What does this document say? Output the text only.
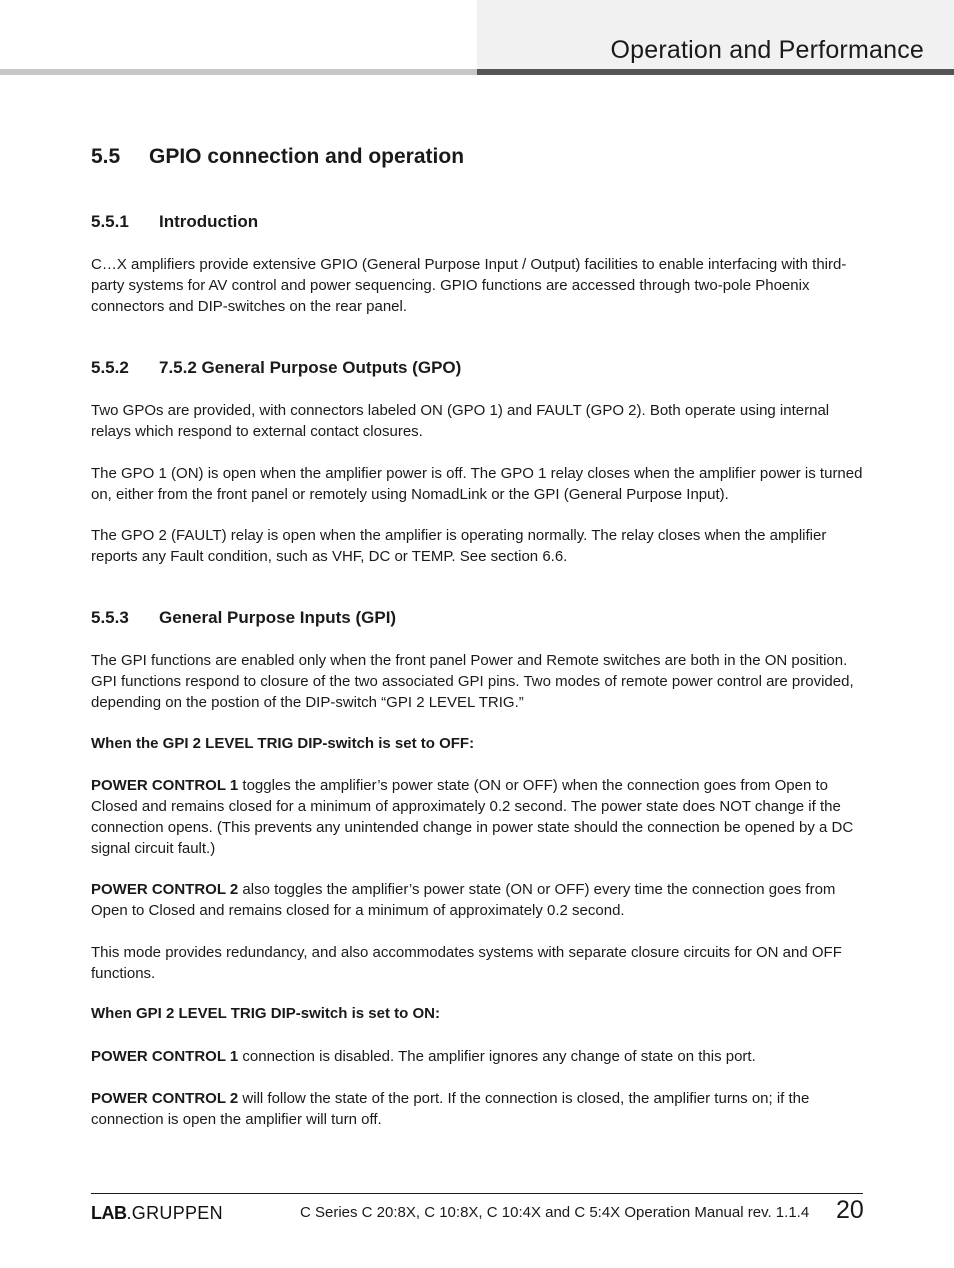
Operation and Performance
5.5 GPIO connection and operation
5.5.1 Introduction

C…X amplifiers provide extensive GPIO (General Purpose Input / Output) facilities to enable interfacing with third-party systems for AV control and power sequencing. GPIO functions are accessed through two-pole Phoenix connectors and DIP-switches on the rear panel.

5.5.2 7.5.2 General Purpose Outputs (GPO)

Two GPOs are provided, with connectors labeled ON (GPO 1) and FAULT (GPO 2). Both operate using internal relays which respond to external contact closures.

The GPO 1 (ON) is open when the amplifier power is off. The GPO 1 relay closes when the amplifier power is turned on, either from the front panel or remotely using NomadLink or the GPI (General Purpose Input).

The GPO 2 (FAULT) relay is open when the amplifier is operating normally. The relay closes when the amplifier reports any Fault condition, such as VHF, DC or TEMP. See section 6.6.

5.5.3 General Purpose Inputs (GPI)

The GPI functions are enabled only when the front panel Power and Remote switches are both in the ON position. GPI functions respond to closure of the two associated GPI pins. Two modes of remote power control are provided, depending on the postion of the DIP-switch “GPI 2 LEVEL TRIG.”

When the GPI 2 LEVEL TRIG DIP-switch is set to OFF:

POWER CONTROL 1 toggles the amplifier’s power state (ON or OFF) when the connection goes from Open to Closed and remains closed for a minimum of approximately 0.2 second. The power state does NOT change if the connection opens. (This prevents any unintended change in power state should the connection be opened by a DC signal circuit fault.)

POWER CONTROL 2 also toggles the amplifier’s power state (ON or OFF) every time the connection goes from Open to Closed and remains closed for a minimum of approximately 0.2 second.

This mode provides redundancy, and also accommodates systems with separate closure circuits for ON and OFF functions.

When GPI 2 LEVEL TRIG DIP-switch is set to ON:

POWER CONTROL 1 connection is disabled. The amplifier ignores any change of state on this port.

POWER CONTROL 2 will follow the state of the port. If the connection is closed, the amplifier turns on; if the connection is open the amplifier will turn off.

LAB.GRUPPEN	C Series C 20:8X, C 10:8X, C 10:4X and C 5:4X Operation Manual rev. 1.1.4 20
